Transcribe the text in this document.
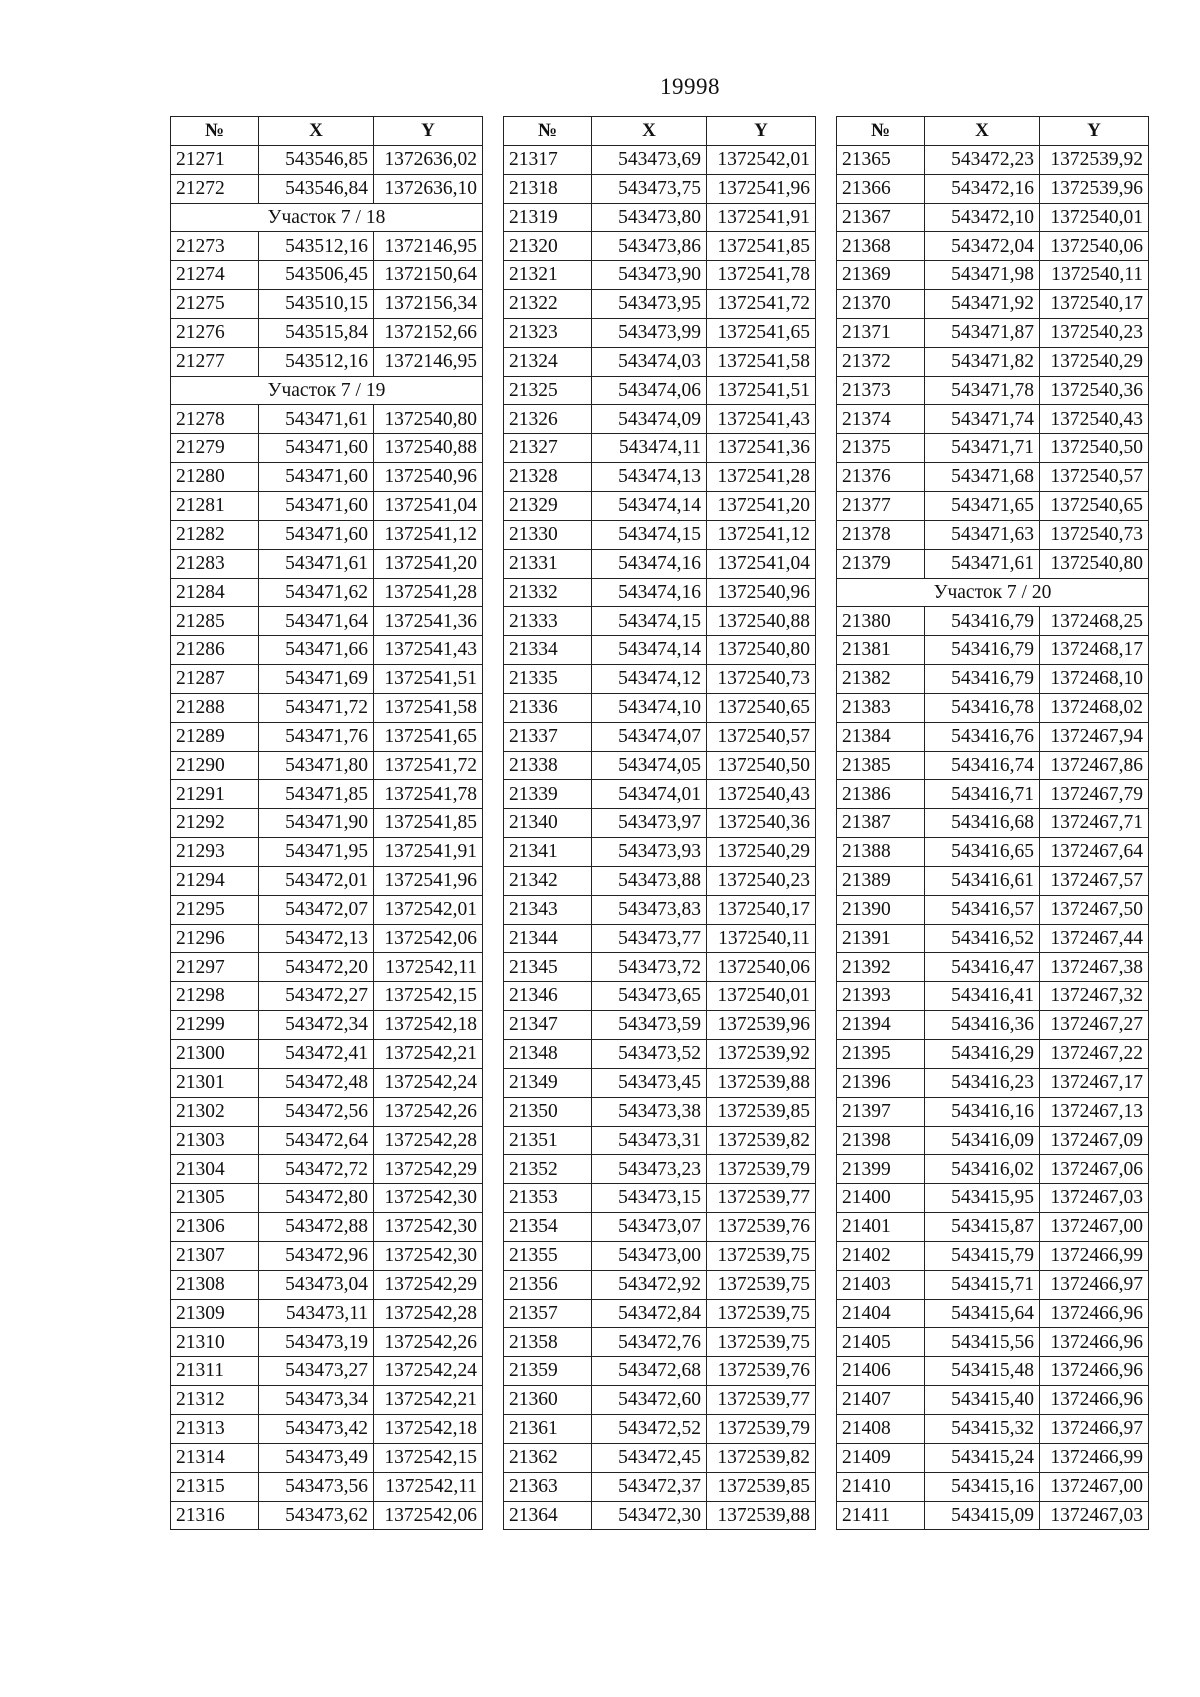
19998
№	X	Y
21271	543546,85	1372636,02
21272	543546,84	1372636,10
Участок 7 / 18		
21273	543512,16	1372146,95
21274	543506,45	1372150,64
21275	543510,15	1372156,34
21276	543515,84	1372152,66
21277	543512,16	1372146,95
Участок 7 / 19		
21278	543471,61	1372540,80
21279	543471,60	1372540,88
21280	543471,60	1372540,96
21281	543471,60	1372541,04
21282	543471,60	1372541,12
21283	543471,61	1372541,20
21284	543471,62	1372541,28
21285	543471,64	1372541,36
21286	543471,66	1372541,43
21287	543471,69	1372541,51
21288	543471,72	1372541,58
21289	543471,76	1372541,65
21290	543471,80	1372541,72
21291	543471,85	1372541,78
21292	543471,90	1372541,85
21293	543471,95	1372541,91
21294	543472,01	1372541,96
21295	543472,07	1372542,01
21296	543472,13	1372542,06
21297	543472,20	1372542,11
21298	543472,27	1372542,15
21299	543472,34	1372542,18
21300	543472,41	1372542,21
21301	543472,48	1372542,24
21302	543472,56	1372542,26
21303	543472,64	1372542,28
21304	543472,72	1372542,29
21305	543472,80	1372542,30
21306	543472,88	1372542,30
21307	543472,96	1372542,30
21308	543473,04	1372542,29
21309	543473,11	1372542,28
21310	543473,19	1372542,26
21311	543473,27	1372542,24
21312	543473,34	1372542,21
21313	543473,42	1372542,18
21314	543473,49	1372542,15
21315	543473,56	1372542,11
21316	543473,62	1372542,06
№	X	Y
21317	543473,69	1372542,01
21318	543473,75	1372541,96
21319	543473,80	1372541,91
21320	543473,86	1372541,85
21321	543473,90	1372541,78
21322	543473,95	1372541,72
21323	543473,99	1372541,65
21324	543474,03	1372541,58
21325	543474,06	1372541,51
21326	543474,09	1372541,43
21327	543474,11	1372541,36
21328	543474,13	1372541,28
21329	543474,14	1372541,20
21330	543474,15	1372541,12
21331	543474,16	1372541,04
21332	543474,16	1372540,96
21333	543474,15	1372540,88
21334	543474,14	1372540,80
21335	543474,12	1372540,73
21336	543474,10	1372540,65
21337	543474,07	1372540,57
21338	543474,05	1372540,50
21339	543474,01	1372540,43
21340	543473,97	1372540,36
21341	543473,93	1372540,29
21342	543473,88	1372540,23
21343	543473,83	1372540,17
21344	543473,77	1372540,11
21345	543473,72	1372540,06
21346	543473,65	1372540,01
21347	543473,59	1372539,96
21348	543473,52	1372539,92
21349	543473,45	1372539,88
21350	543473,38	1372539,85
21351	543473,31	1372539,82
21352	543473,23	1372539,79
21353	543473,15	1372539,77
21354	543473,07	1372539,76
21355	543473,00	1372539,75
21356	543472,92	1372539,75
21357	543472,84	1372539,75
21358	543472,76	1372539,75
21359	543472,68	1372539,76
21360	543472,60	1372539,77
21361	543472,52	1372539,79
21362	543472,45	1372539,82
21363	543472,37	1372539,85
21364	543472,30	1372539,88
№	X	Y
21365	543472,23	1372539,92
21366	543472,16	1372539,96
21367	543472,10	1372540,01
21368	543472,04	1372540,06
21369	543471,98	1372540,11
21370	543471,92	1372540,17
21371	543471,87	1372540,23
21372	543471,82	1372540,29
21373	543471,78	1372540,36
21374	543471,74	1372540,43
21375	543471,71	1372540,50
21376	543471,68	1372540,57
21377	543471,65	1372540,65
21378	543471,63	1372540,73
21379	543471,61	1372540,80
Участок 7 / 20		
21380	543416,79	1372468,25
21381	543416,79	1372468,17
21382	543416,79	1372468,10
21383	543416,78	1372468,02
21384	543416,76	1372467,94
21385	543416,74	1372467,86
21386	543416,71	1372467,79
21387	543416,68	1372467,71
21388	543416,65	1372467,64
21389	543416,61	1372467,57
21390	543416,57	1372467,50
21391	543416,52	1372467,44
21392	543416,47	1372467,38
21393	543416,41	1372467,32
21394	543416,36	1372467,27
21395	543416,29	1372467,22
21396	543416,23	1372467,17
21397	543416,16	1372467,13
21398	543416,09	1372467,09
21399	543416,02	1372467,06
21400	543415,95	1372467,03
21401	543415,87	1372467,00
21402	543415,79	1372466,99
21403	543415,71	1372466,97
21404	543415,64	1372466,96
21405	543415,56	1372466,96
21406	543415,48	1372466,96
21407	543415,40	1372466,96
21408	543415,32	1372466,97
21409	543415,24	1372466,99
21410	543415,16	1372467,00
21411	543415,09	1372467,03
